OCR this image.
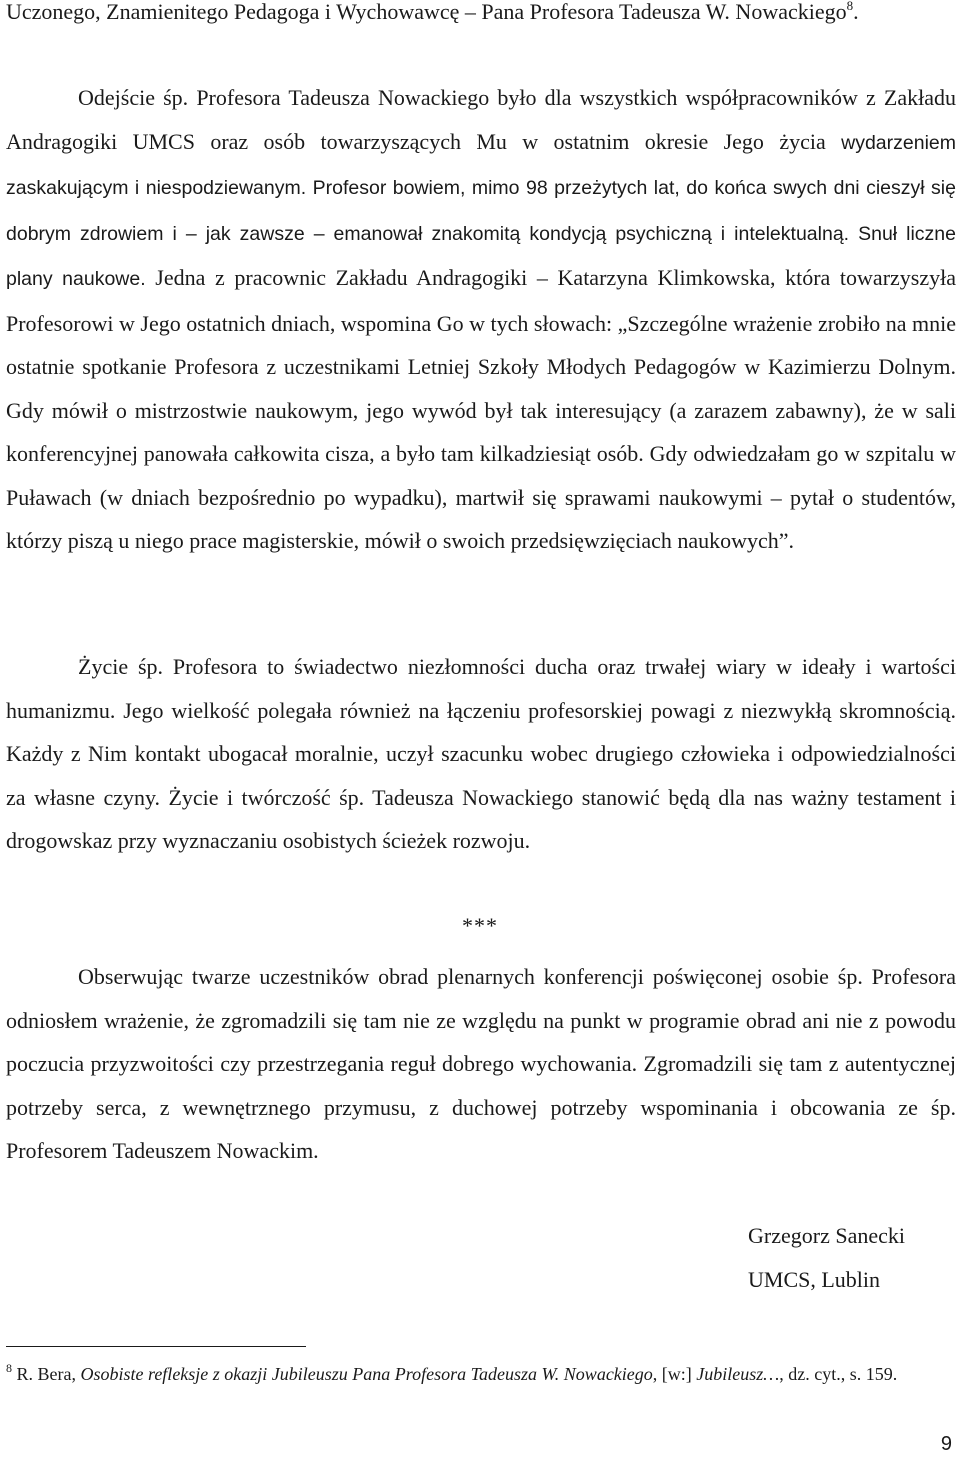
Uczonego, Znamienitego Pedagoga i Wychowawcę – Pana Profesora Tadeusza W. Nowackiego$^8$.

Odejście śp. Profesora Tadeusza Nowackiego było dla wszystkich współpracowników z Zakładu Andragogiki UMCS oraz osób towarzyszących Mu w ostatnim okresie Jego życia wydarzeniem zaskakującym i niespodziewanym. Profesor bowiem, mimo 98 przeżytych lat, do końca swych dni cieszył się dobrym zdrowiem i – jak zawsze – emanował znakomitą kondycją psychiczną i intelektualną. Snuł liczne plany naukowe. Jedna z pracownic Zakładu Andragogiki – Katarzyna Klimkowska, która towarzyszyła Profesorowi w Jego ostatnich dniach, wspomina Go w tych słowach: „Szczególne wrażenie zrobiło na mnie ostatnie spotkanie Profesora z uczestnikami Letniej Szkoły Młodych Pedagogów w Kazimierzu Dolnym. Gdy mówił o mistrzostwie naukowym, jego wywód był tak interesujący (a zarazem zabawny), że w sali konferencyjnej panowała całkowita cisza, a było tam kilkadziesiąt osób. Gdy odwiedzałam go w szpitalu w Puławach (w dniach bezpośrednio po wypadku), martwił się sprawami naukowymi – pytał o studentów, którzy piszą u niego prace magisterskie, mówił o swoich przedsięwzięciach naukowych”.

Życie śp. Profesora to świadectwo niezłomności ducha oraz trwałej wiary w ideały i wartości humanizmu. Jego wielkość polegała również na łączeniu profesorskiej powagi z niezwykłą skromnością. Każdy z Nim kontakt ubogacał moralnie, uczył szacunku wobec drugiego człowieka i odpowiedzialności za własne czyny. Życie i twórczość śp. Tadeusza Nowackiego stanowić będą dla nas ważny testament i drogowskaz przy wyznaczaniu osobistych ścieżek rozwoju.

***

Obserwując twarze uczestników obrad plenarnych konferencji poświęconej osobie śp. Profesora odniosłem wrażenie, że zgromadzili się tam nie ze względu na punkt w programie obrad ani nie z powodu poczucia przyzwoitości czy przestrzegania reguł dobrego wychowania. Zgromadzili się tam z autentycznej potrzeby serca, z wewnętrznego przymusu, z duchowej potrzeby wspominania i obcowania ze śp. Profesorem Tadeuszem Nowackim.

Grzegorz Sanecki
UMCS, Lublin

$^8$ R. Bera, Osobiste refleksje z okazji Jubileuszu Pana Profesora Tadeusza W. Nowackiego, [w:] Jubileusz…, dz. cyt., s. 159.

9
